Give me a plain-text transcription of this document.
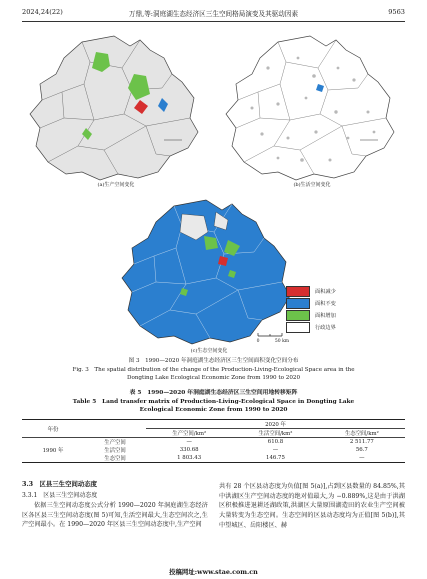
2024,24(22)	万鼎,等:洞庭湖生态经济区三生空间格局演变及其驱动因素	9563
(a)生产空间变化	(b)生活空间变化
0	50 km
(c)生态空间变化
面积减少
面积不变
面积增加
行政边界
图 3　1990—2020 年洞庭湖生态经济区三生空间面积变化空间分布
Fig. 3　The spatial distribution of the change of the Production-Living-Ecological Space area in the
Dongting Lake Ecological Economic Zone from 1990 to 2020
表 5　1990—2020 年洞庭湖生态经济区三生空间用地转移矩阵
Table 5　Land transfer matrix of Production-Living-Ecological Space in Dongting Lake
Ecological Economic Zone from 1990 to 2020
年份		2020 年		
		生产空间/km²	生活空间/km²	生态空间/km²
1990 年	生产空间	—	610.8	2 511.77
	生活空间	330.68	—	56.7
	生态空间	1 803.43	146.75	—
3.3　区县三生空间动态度
3.3.1　区县三生空间动态度
依据三生空间动态度公式分析 1990—2020 年洞庭湖生态经济区各区县三生空间动态度(图 5)可知,生活空间最大,生态空间次之,生产空间最小。在 1990—2020 年区县三生空间动态度中,生产空间
共有 28 个区县动态度为负值[图 5(a)],占到区县数量的 84.85%,其中洪湖区生产空间动态度的绝对值最大,为 −0.889%,这是由于洪湖区积极推进退耕还湖政策,洪湖区大量原围湖造田的农业生产空间被大量转变为生态空间。生态空间的区县动态度均为正值[图 5(b)],其中望城区、岳阳楼区、赫
投稿网址:www.stae.com.cn
